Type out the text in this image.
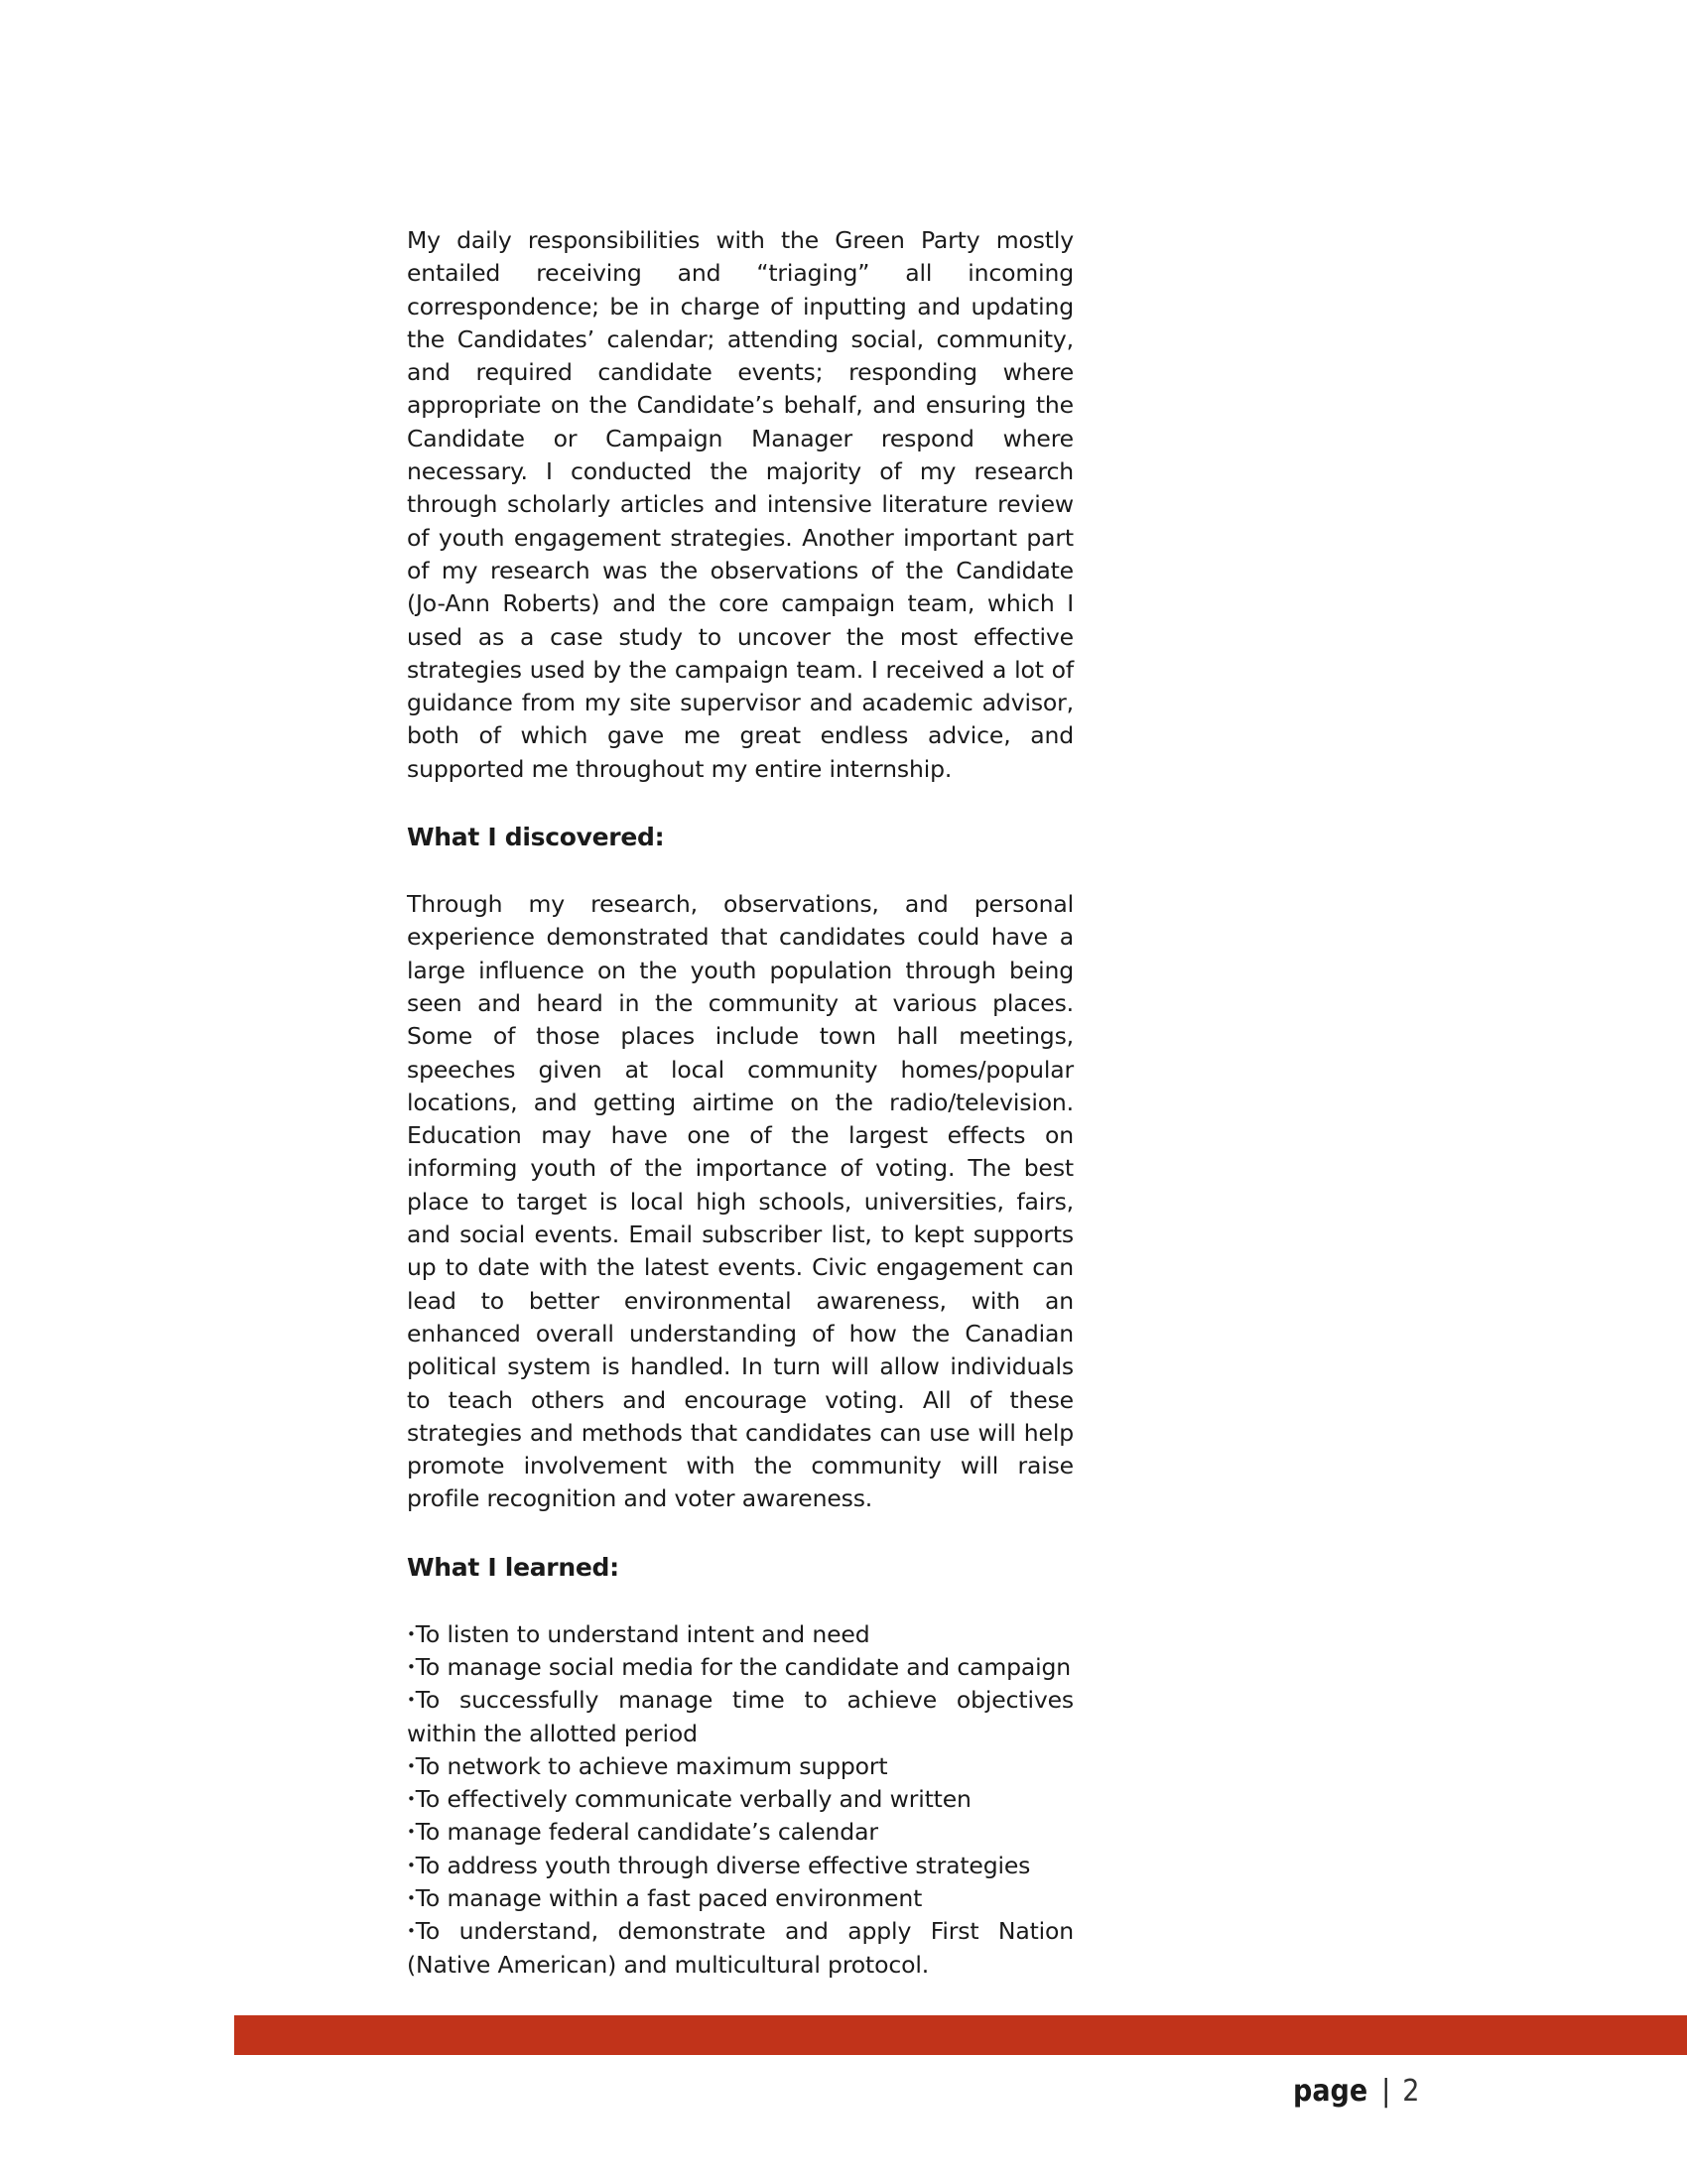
My daily responsibilities with the Green Party mostly entailed receiving and “triaging” all incoming correspondence; be in charge of inputting and updating the Candidates’ calendar; attending social, community, and required candidate events; responding where appropriate on the Candidate’s behalf, and ensuring the Candidate or Campaign Manager respond where necessary. I conducted the majority of my research through scholarly articles and intensive literature review of youth engagement strategies. Another important part of my research was the observations of the Candidate (Jo-Ann Roberts) and the core campaign team, which I used as a case study to uncover the most effective strategies used by the campaign team. I received a lot of guidance from my site supervisor and academic advisor, both of which gave me great endless advice, and supported me throughout my entire internship.

What I discovered:

Through my research, observations, and personal experience demonstrated that candidates could have a large influence on the youth population through being seen and heard in the community at various places. Some of those places include town hall meetings, speeches given at local community homes/popular locations, and getting airtime on the radio/television. Education may have one of the largest effects on informing youth of the importance of voting. The best place to target is local high schools, universities, fairs, and social events. Email subscriber list, to kept supports up to date with the latest events. Civic engagement can lead to better environmental awareness, with an enhanced overall understanding of how the Canadian political system is handled. In turn will allow individuals to teach others and encourage voting. All of these strategies and methods that candidates can use will help promote involvement with the community will raise profile recognition and voter awareness.

What I learned:
•To listen to understand intent and need
•To manage social media for the candidate and campaign
•To successfully manage time to achieve objectives within the allotted period
•To network to achieve maximum support
•To effectively communicate verbally and written
•To manage federal candidate’s calendar
•To address youth through diverse effective strategies
•To manage within a fast paced environment
•To understand, demonstrate and apply First Nation (Native American) and multicultural protocol.
page | 2
